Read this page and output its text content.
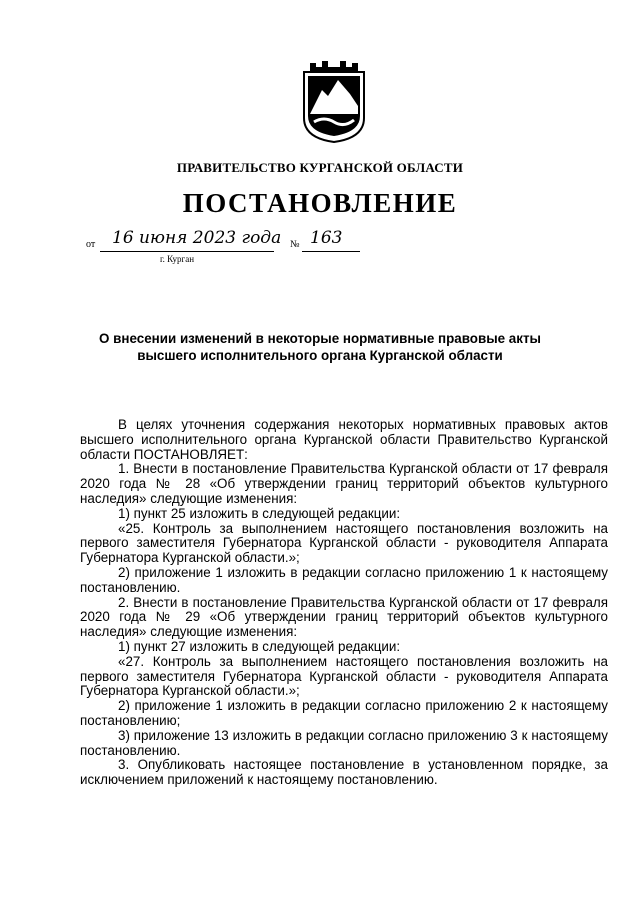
ПРАВИТЕЛЬСТВО КУРГАНСКОЙ ОБЛАСТИ
ПОСТАНОВЛЕНИЕ
от 16 июня 2023 года № 163
г. Курган
О внесении изменений в некоторые нормативные правовые акты
высшего исполнительного органа Курганской области

В целях уточнения содержания некоторых нормативных правовых актов высшего исполнительного органа Курганской области Правительство Курганской области ПОСТАНОВЛЯЕТ:

1. Внести в постановление Правительства Курганской области от 17 февраля 2020 года № 28 «Об утверждении границ территорий объектов культурного наследия» следующие изменения:

1) пункт 25 изложить в следующей редакции:

«25. Контроль за выполнением настоящего постановления возложить на первого заместителя Губернатора Курганской области - руководителя Аппарата Губернатора Курганской области.»;

2) приложение 1 изложить в редакции согласно приложению 1 к настоящему постановлению.

2. Внести в постановление Правительства Курганской области от 17 февраля 2020 года № 29 «Об утверждении границ территорий объектов культурного наследия» следующие изменения:

1) пункт 27 изложить в следующей редакции:

«27. Контроль за выполнением настоящего постановления возложить на первого заместителя Губернатора Курганской области - руководителя Аппарата Губернатора Курганской области.»;

2) приложение 1 изложить в редакции согласно приложению 2 к настоящему постановлению;

3) приложение 13 изложить в редакции согласно приложению 3 к настоящему постановлению.

3. Опубликовать настоящее постановление в установленном порядке, за исключением приложений к настоящему постановлению.
